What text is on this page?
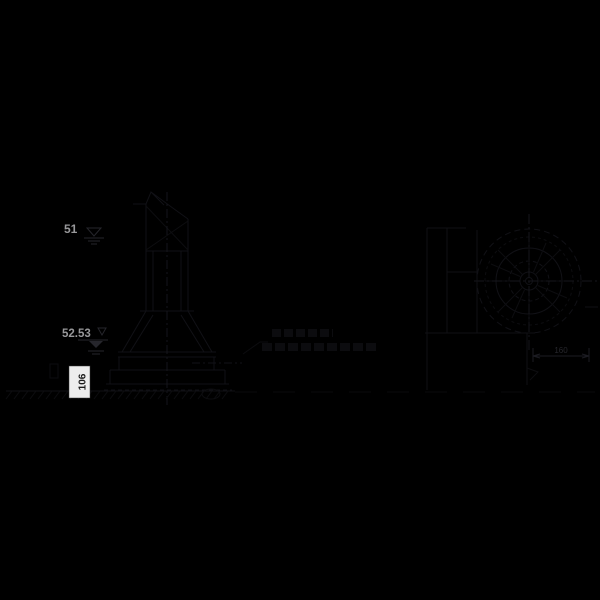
51
52.53
106
160
